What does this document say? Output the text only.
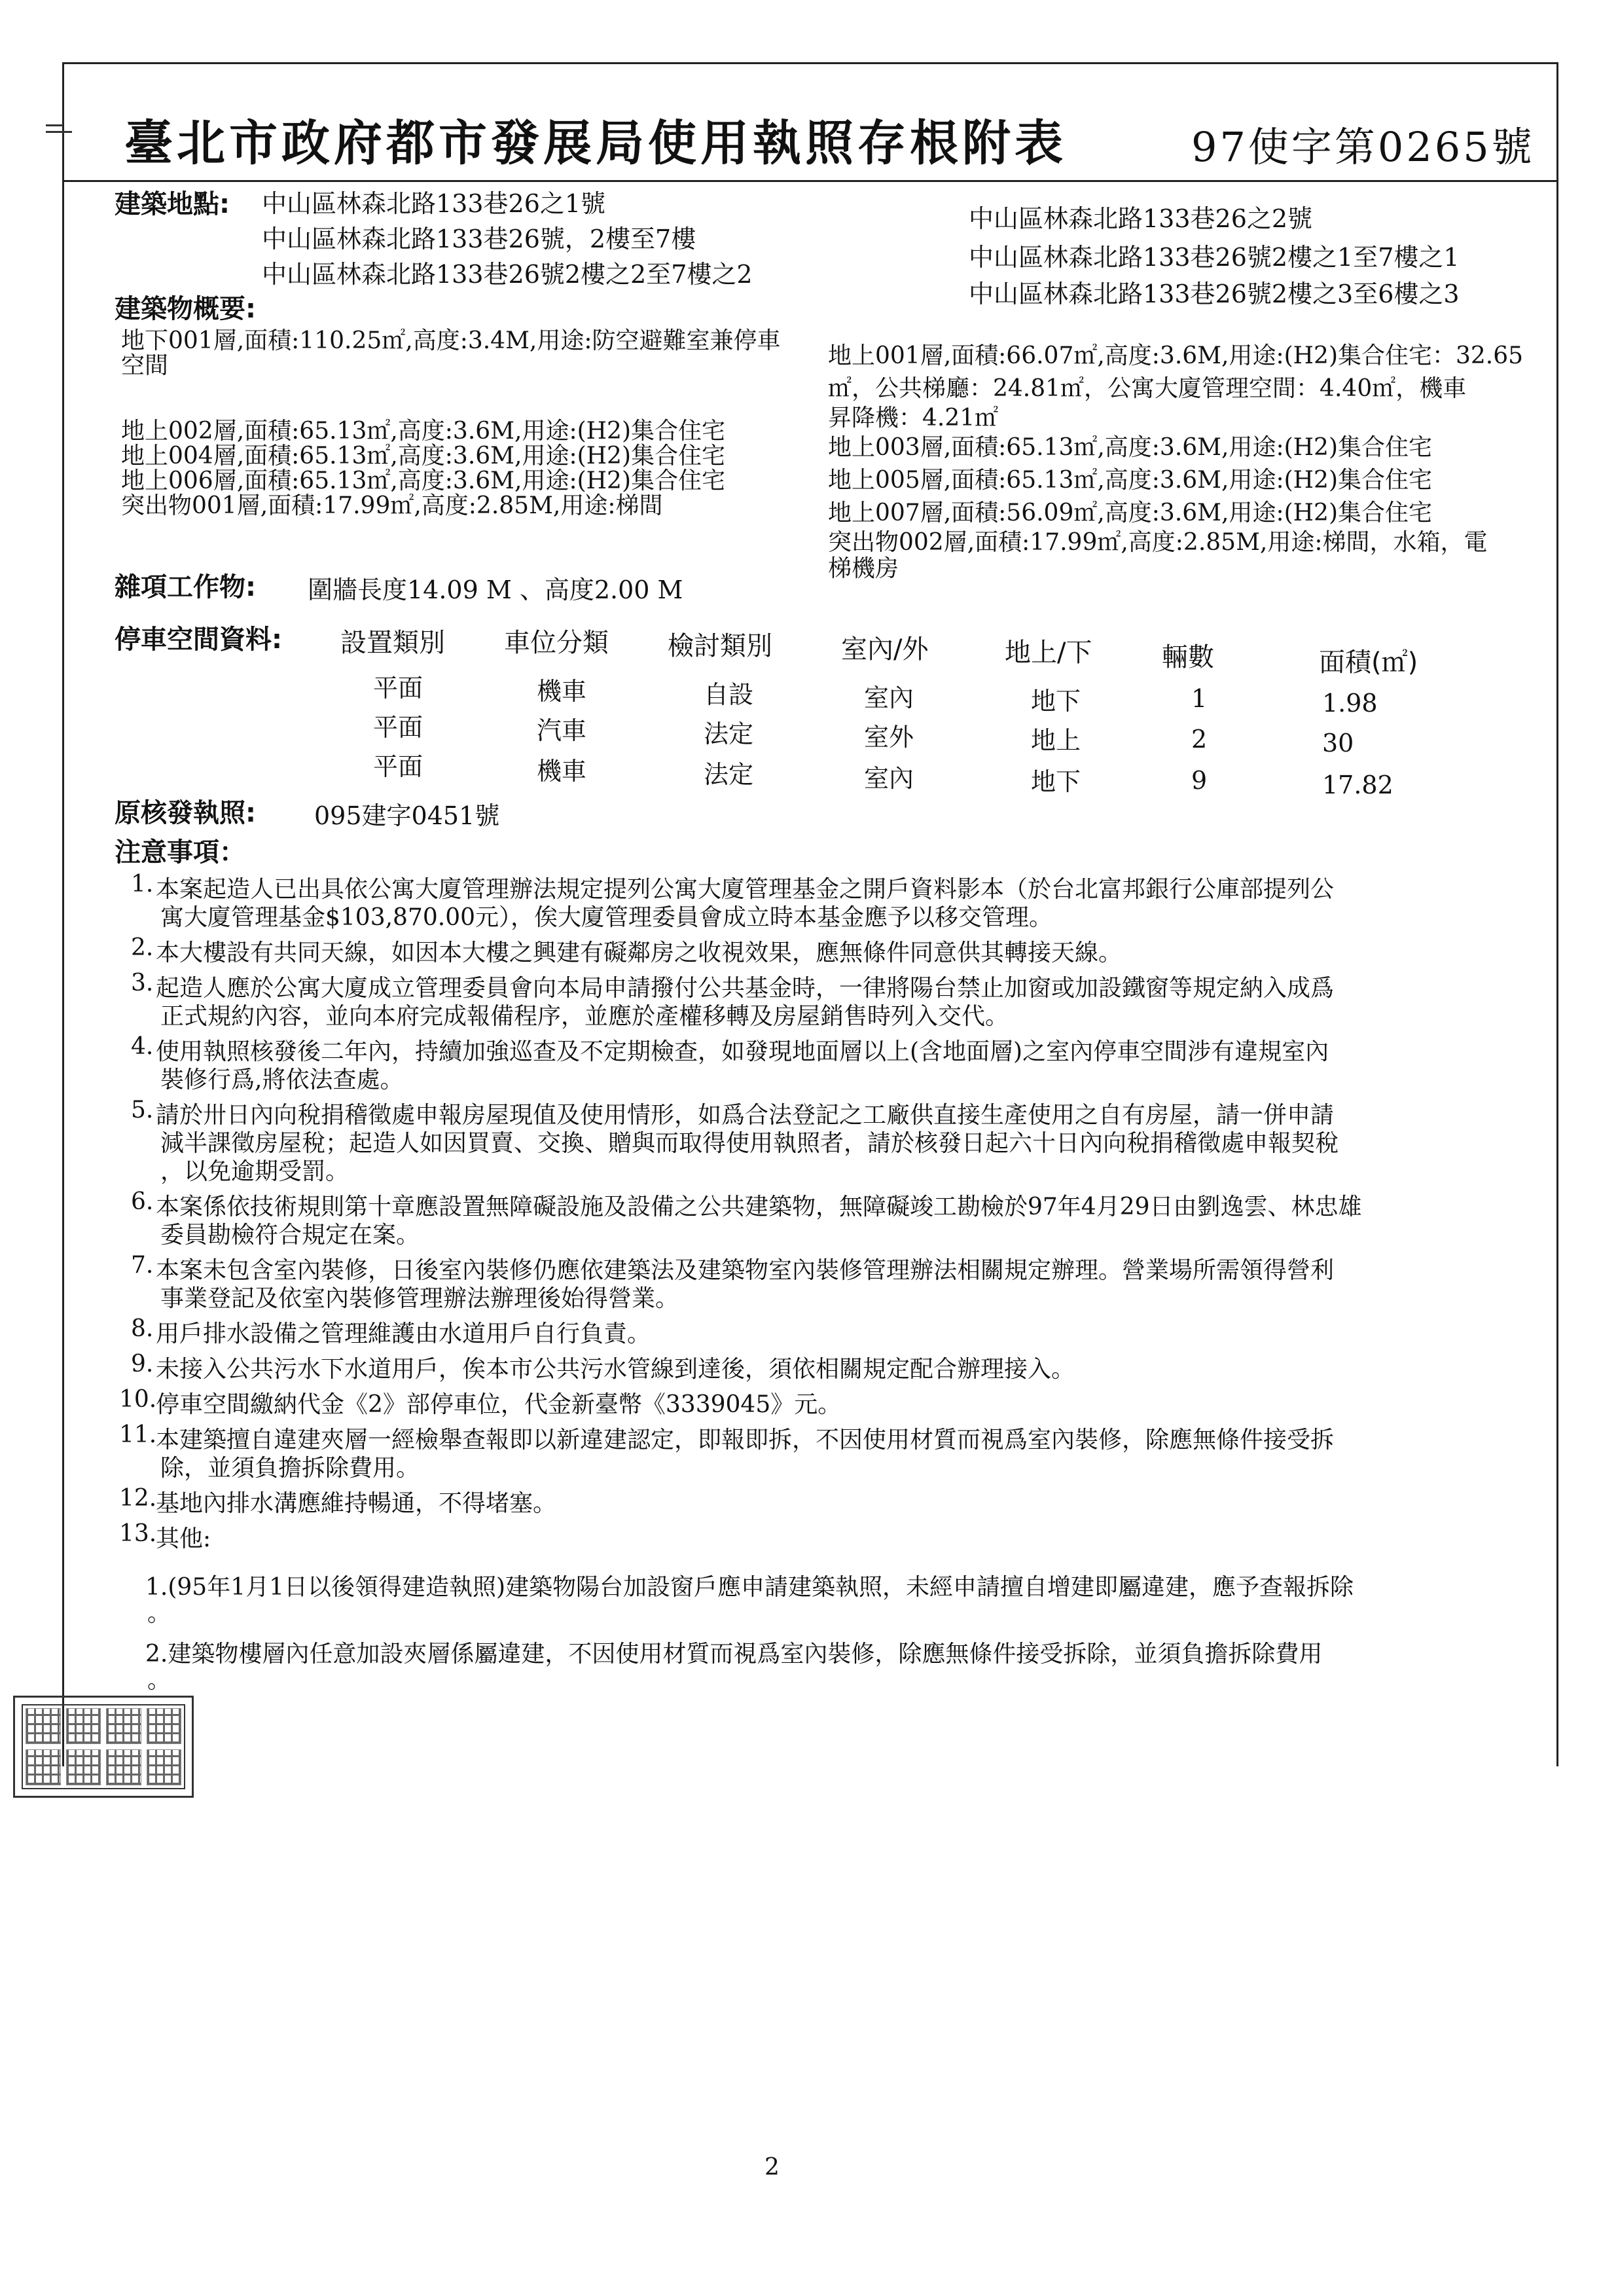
臺北市政府都市發展局使用執照存根附表	97使字第0265號
建築地點: 中山區林森北路133巷26之1號
中山區林森北路133巷26號，2樓至7樓
中山區林森北路133巷26號2樓之2至7樓之2
中山區林森北路133巷26之2號
中山區林森北路133巷26號2樓之1至7樓之1
中山區林森北路133巷26號2樓之3至6樓之3
建築物概要:
地下001層,面積:110.25㎡,高度:3.4M,用途:防空避難室兼停車
空間
地上002層,面積:65.13㎡,高度:3.6M,用途:(H2)集合住宅
地上004層,面積:65.13㎡,高度:3.6M,用途:(H2)集合住宅
地上006層,面積:65.13㎡,高度:3.6M,用途:(H2)集合住宅
突出物001層,面積:17.99㎡,高度:2.85M,用途:梯間
地上001層,面積:66.07㎡,高度:3.6M,用途:(H2)集合住宅：32.65
㎡，公共梯廳：24.81㎡，公寓大廈管理空間：4.40㎡，機車
昇降機：4.21㎡
地上003層,面積:65.13㎡,高度:3.6M,用途:(H2)集合住宅
地上005層,面積:65.13㎡,高度:3.6M,用途:(H2)集合住宅
地上007層,面積:56.09㎡,高度:3.6M,用途:(H2)集合住宅
突出物002層,面積:17.99㎡,高度:2.85M,用途:梯間，水箱，電
梯機房
雜項工作物: 圍牆長度14.09 M 、高度2.00 M
停車空間資料: 設置類別 車位分類 檢討類別	室內/外	地上/下	輛數	面積(㎡)
平面	機車	自設	室內	地下	1	1.98
平面	汽車	法定	室外	地上	2	30
平面	機車	法定	室內	地下	9	17.82
原核發執照: 095建字0451號
注意事項：
1. 本案起造人已出具依公寓大廈管理辦法規定提列公寓大廈管理基金之開戶資料影本（於台北富邦銀行公庫部提列公
寓大廈管理基金$103,870.00元），俟大廈管理委員會成立時本基金應予以移交管理。
2. 本大樓設有共同天線，如因本大樓之興建有礙鄰房之收視效果，應無條件同意供其轉接天線。
3. 起造人應於公寓大廈成立管理委員會向本局申請撥付公共基金時，一律將陽台禁止加窗或加設鐵窗等規定納入成爲
正式規約內容，並向本府完成報備程序，並應於產權移轉及房屋銷售時列入交代。
4. 使用執照核發後二年內，持續加強巡查及不定期檢查，如發現地面層以上(含地面層)之室內停車空間涉有違規室內
裝修行爲,將依法查處。
5. 請於卅日內向稅捐稽徵處申報房屋現值及使用情形，如爲合法登記之工廠供直接生產使用之自有房屋，請一併申請
減半課徵房屋稅；起造人如因買賣、交換、贈與而取得使用執照者，請於核發日起六十日內向稅捐稽徵處申報契稅
，以免逾期受罰。
6. 本案係依技術規則第十章應設置無障礙設施及設備之公共建築物，無障礙竣工勘檢於97年4月29日由劉逸雲、林忠雄
委員勘檢符合規定在案。
7. 本案未包含室內裝修，日後室內裝修仍應依建築法及建築物室內裝修管理辦法相關規定辦理。營業場所需領得營利
事業登記及依室內裝修管理辦法辦理後始得營業。
8. 用戶排水設備之管理維護由水道用戶自行負責。
9. 未接入公共污水下水道用戶，俟本市公共污水管線到達後，須依相關規定配合辦理接入。
10.
停車空間繳納代金《2》部停車位，代金新臺幣《3339045》元。
11.
本建築擅自違建夾層一經檢舉查報即以新違建認定，即報即拆，不因使用材質而視爲室內裝修，除應無條件接受拆
除，並須負擔拆除費用。
12.
基地內排水溝應維持暢通，不得堵塞。
13.
其他:
1.(95年1月1日以後領得建造執照)建築物陽台加設窗戶應申請建築執照，未經申請擅自增建即屬違建，應予查報拆除
。
2.建築物樓層內任意加設夾層係屬違建，不因使用材質而視爲室內裝修，除應無條件接受拆除，並須負擔拆除費用
。
2
